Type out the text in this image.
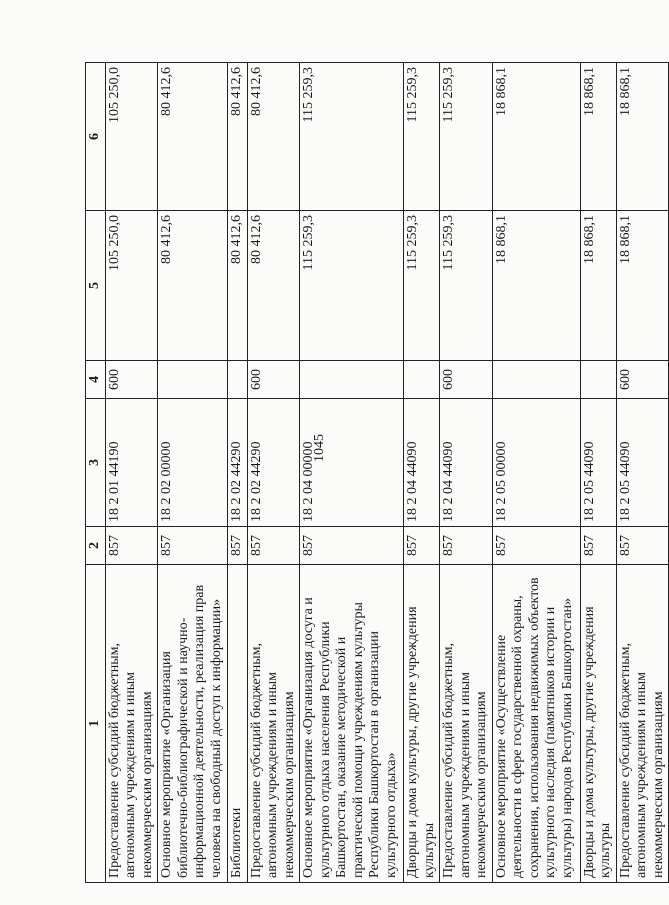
1045
1	2	3	4	5	6
Предоставление субсидий бюджетным, автономным учреждениям и иным некоммерческим организациям	857	18 2 01 44190	600	105 250,0	105 250,0
Основное мероприятие «Организация библиотечно-библиографической и научно-информационной деятельности, реализация прав человека на свободный доступ к информации»	857	18 2 02 00000		80 412,6	80 412,6
Библиотеки	857	18 2 02 44290		80 412,6	80 412,6
Предоставление субсидий бюджетным, автономным учреждениям и иным некоммерческим организациям	857	18 2 02 44290	600	80 412,6	80 412,6
Основное мероприятие «Организация досуга и культурного отдыха населения Республики Башкортостан, оказание методической и практической помощи учреждениям культуры Республики Башкортостан в организации культурного отдыха»	857	18 2 04 00000		115 259,3	115 259,3
Дворцы и дома культуры, другие учреждения культуры	857	18 2 04 44090		115 259,3	115 259,3
Предоставление субсидий бюджетным, автономным учреждениям и иным некоммерческим организациям	857	18 2 04 44090	600	115 259,3	115 259,3
Основное мероприятие «Осуществление деятельности в сфере государственной охраны, сохранения, использования недвижимых объектов культурного наследия (памятников истории и культуры) народов Республики Башкортостан»	857	18 2 05 00000		18 868,1	18 868,1
Дворцы и дома культуры, другие учреждения культуры	857	18 2 05 44090		18 868,1	18 868,1
Предоставление субсидий бюджетным, автономным учреждениям и иным некоммерческим организациям	857	18 2 05 44090	600	18 868,1	18 868,1
